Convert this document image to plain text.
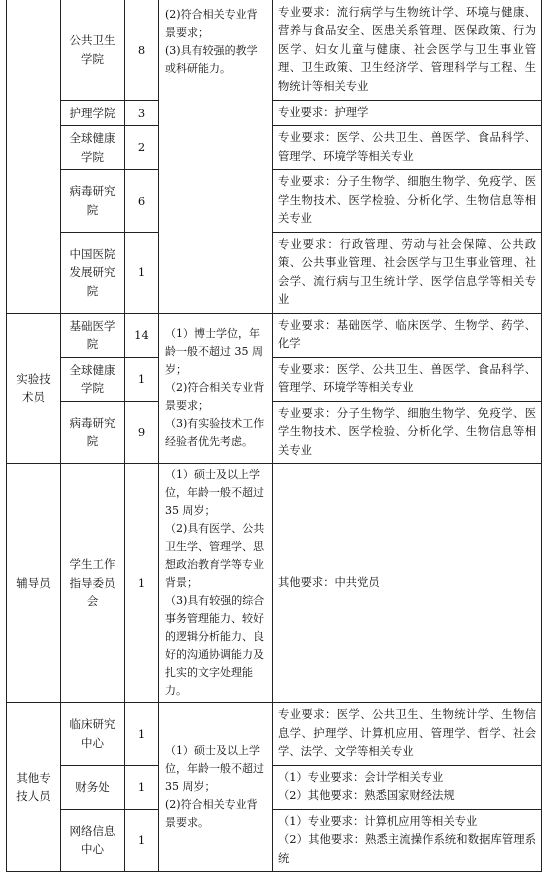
	公共卫生学院	8	(2)符合相关专业背景要求；

(3)具有较强的教学或科研能力。	专业要求：流行病学与生物统计学、环境与健康、营养与食品安全、医患关系管理、医保政策、行为医学、妇女儿童与健康、社会医学与卫生事业管理、卫生政策、卫生经济学、管理科学与工程、生物统计等相关专业

	护理学院	3		专业要求：护理学

	全球健康学院	2		专业要求：医学、公共卫生、兽医学、食品科学、管理学、环境学等相关专业

	病毒研究院	6		专业要求：分子生物学、细胞生物学、免疫学、医学生物技术、医学检验、分析化学、生物信息等相关专业

	中国医院发展研究院	1		专业要求：行政管理、劳动与社会保障、公共政策、公共事业管理、社会医学与卫生事业管理、社会学、流行病与卫生统计学、医学信息学等相关专业

实验技术员	基础医学院	14	（1）博士学位，年龄一般不超过 35 周岁；

（2)符合相关专业背景要求；

（3)有实验技术工作经验者优先考虑。	专业要求：基础医学、临床医学、生物学、药学、化学

	全球健康学院	1		专业要求：医学、公共卫生、兽医学、食品科学、管理学、环境学等相关专业

	病毒研究院	9		专业要求：分子生物学、细胞生物学、免疫学、医学生物技术、医学检验、分析化学、生物信息等相关专业

辅导员	学生工作指导委员会	1	（1）硕士及以上学位，年龄一般不超过35 周岁；

（2)具有医学、公共卫生学、管理学、思想政治教育学等专业背景；

（3)具有较强的综合事务管理能力、较好的逻辑分析能力、良好的沟通协调能力及扎实的文字处理能力。	其他要求：中共党员

其他专技人员	临床研究中心	1	（1）硕士及以上学位，年龄一般不超过35 周岁；

(2)符合相关专业背景要求。	专业要求：医学、公共卫生、生物统计学、生物信息学、护理学、计算机应用、管理学、哲学、社会学、法学、文学等相关专业

	财务处	1		（1）专业要求：会计学相关专业

（2）其他要求：熟悉国家财经法规

	网络信息中心	1		（1）专业要求：计算机应用等相关专业

（2）其他要求：熟悉主流操作系统和数据库管理系统
